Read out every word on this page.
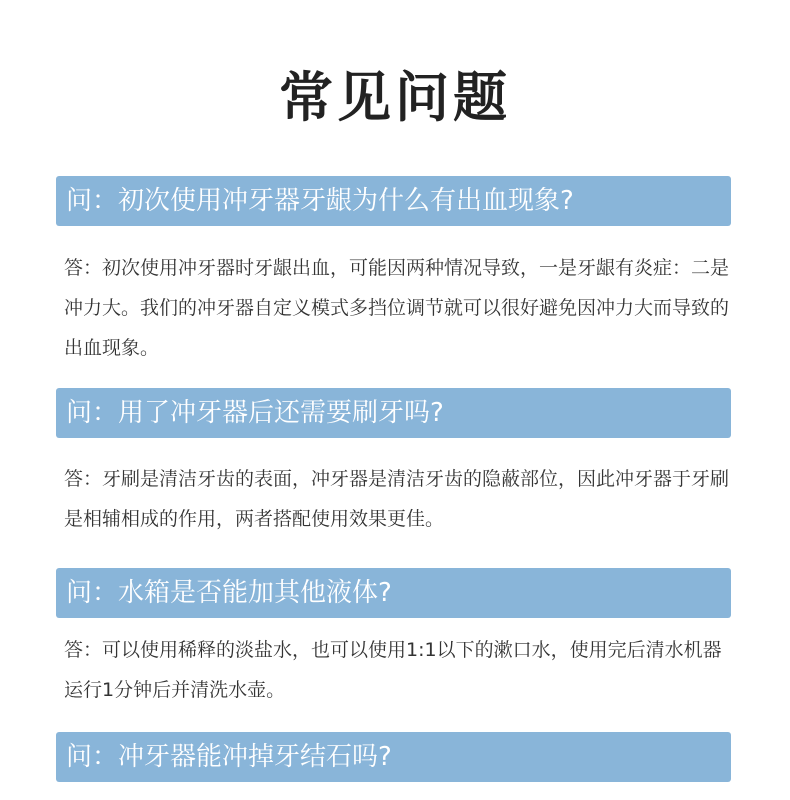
常见问题
问：初次使用冲牙器牙龈为什么有出血现象?
答：初次使用冲牙器时牙龈出血，可能因两种情况导致，一是牙龈有炎症：二是冲力大。我们的冲牙器自定义模式多挡位调节就可以很好避免因冲力大而导致的出血现象。
问：用了冲牙器后还需要刷牙吗?
答：牙刷是清洁牙齿的表面，冲牙器是清洁牙齿的隐蔽部位，因此冲牙器于牙刷是相辅相成的作用，两者搭配使用效果更佳。
问：水箱是否能加其他液体?
答：可以使用稀释的淡盐水，也可以使用1:1以下的漱口水，使用完后清水机器运行1分钟后并清洗水壶。
问：冲牙器能冲掉牙结石吗?
